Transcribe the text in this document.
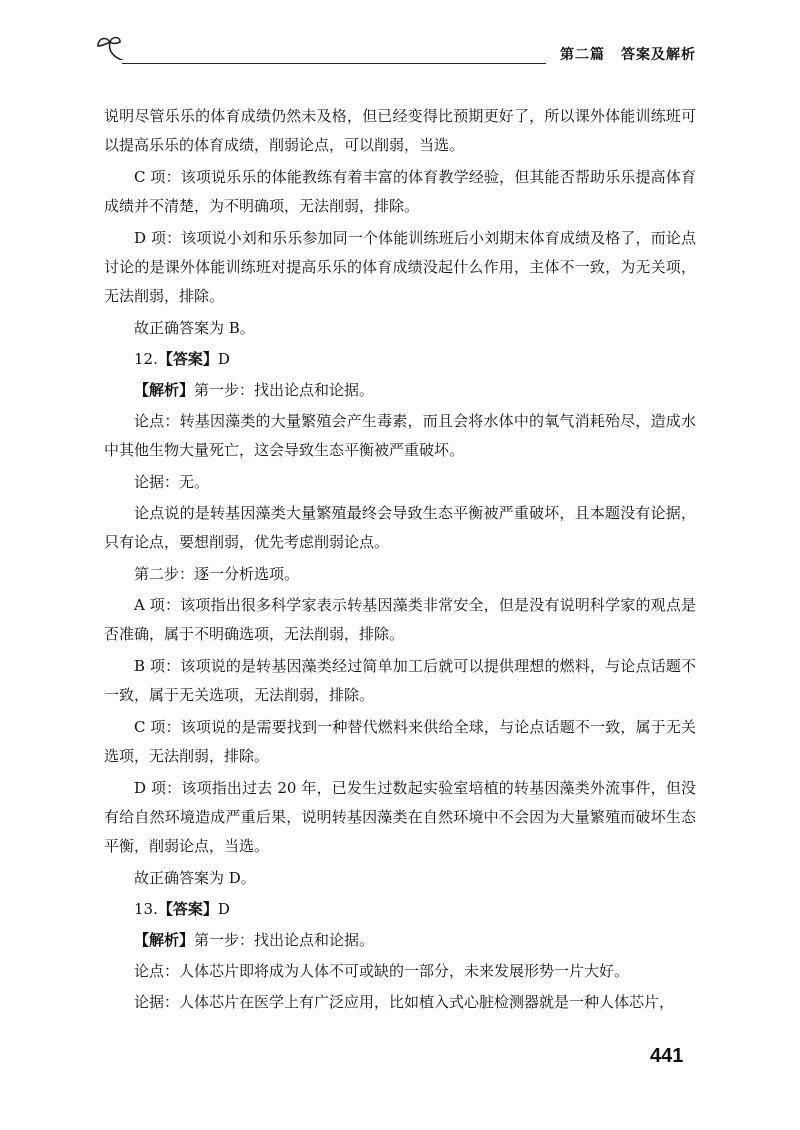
第二篇 答案及解析

说明尽管乐乐的体育成绩仍然未及格，但已经变得比预期更好了，所以课外体能训练班可以提高乐乐的体育成绩，削弱论点，可以削弱，当选。

C 项：该项说乐乐的体能教练有着丰富的体育教学经验，但其能否帮助乐乐提高体育成绩并不清楚，为不明确项，无法削弱，排除。

D 项：该项说小刘和乐乐参加同一个体能训练班后小刘期末体育成绩及格了，而论点讨论的是课外体能训练班对提高乐乐的体育成绩没起什么作用，主体不一致，为无关项，无法削弱，排除。

故正确答案为 B。

12.【答案】D

【解析】第一步：找出论点和论据。

论点：转基因藻类的大量繁殖会产生毒素，而且会将水体中的氧气消耗殆尽，造成水中其他生物大量死亡，这会导致生态平衡被严重破坏。

论据：无。

论点说的是转基因藻类大量繁殖最终会导致生态平衡被严重破坏，且本题没有论据，只有论点，要想削弱，优先考虑削弱论点。

第二步：逐一分析选项。

A 项：该项指出很多科学家表示转基因藻类非常安全，但是没有说明科学家的观点是否准确，属于不明确选项，无法削弱，排除。

B 项：该项说的是转基因藻类经过简单加工后就可以提供理想的燃料，与论点话题不一致，属于无关选项，无法削弱，排除。

C 项：该项说的是需要找到一种替代燃料来供给全球，与论点话题不一致，属于无关选项，无法削弱，排除。

D 项：该项指出过去 20 年，已发生过数起实验室培植的转基因藻类外流事件，但没有给自然环境造成严重后果，说明转基因藻类在自然环境中不会因为大量繁殖而破坏生态平衡，削弱论点，当选。

故正确答案为 D。

13.【答案】D

【解析】第一步：找出论点和论据。

论点：人体芯片即将成为人体不可或缺的一部分，未来发展形势一片大好。

论据：人体芯片在医学上有广泛应用，比如植入式心脏检测器就是一种人体芯片，

441
